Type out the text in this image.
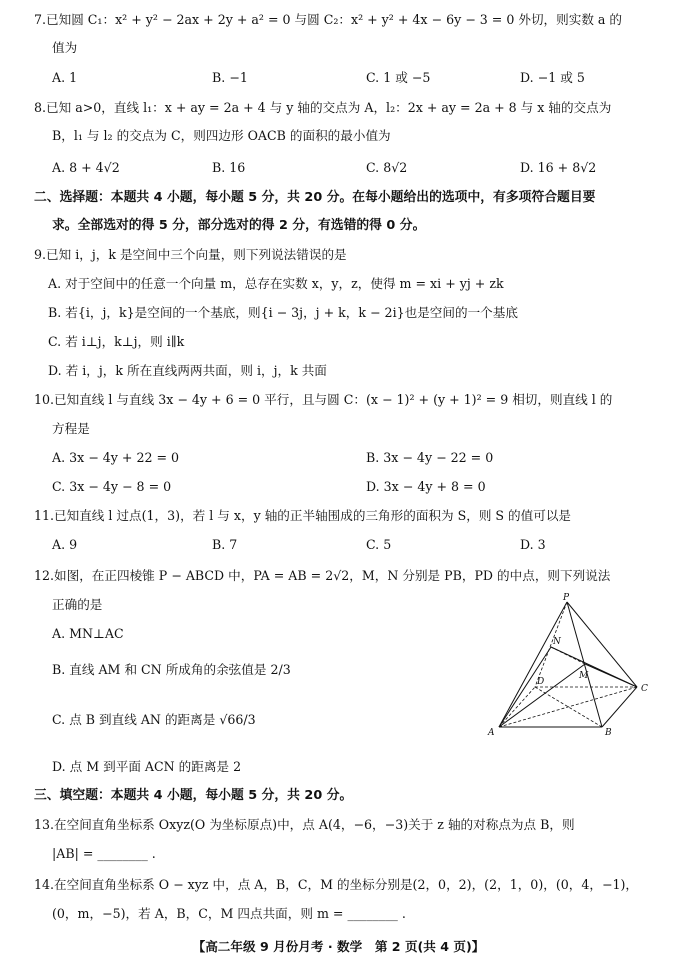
7.已知圆 C₁：x² + y² − 2ax + 2y + a² = 0 与圆 C₂：x² + y² + 4x − 6y − 3 = 0 外切，则实数 a 的
值为
A. 1	B. −1	C. 1 或 −5	D. −1 或 5
8.已知 a>0，直线 l₁：x + ay = 2a + 4 与 y 轴的交点为 A，l₂：2x + ay = 2a + 8 与 x 轴的交点为
B，l₁ 与 l₂ 的交点为 C，则四边形 OACB 的面积的最小值为
A. 8 + 4√2	B. 16	C. 8√2	D. 16 + 8√2
二、选择题：本题共 4 小题，每小题 5 分，共 20 分。在每小题给出的选项中，有多项符合题目要
求。全部选对的得 5 分，部分选对的得 2 分，有选错的得 0 分。
9.已知 i，j，k 是空间中三个向量，则下列说法错误的是
A. 对于空间中的任意一个向量 m，总存在实数 x，y，z，使得 m = xi + yj + zk
B. 若{i，j，k}是空间的一个基底，则{i − 3j，j + k，k − 2i}也是空间的一个基底
C. 若 i⊥j，k⊥j，则 i∥k
D. 若 i，j，k 所在直线两两共面，则 i，j，k 共面
10.已知直线 l 与直线 3x − 4y + 6 = 0 平行，且与圆 C：(x − 1)² + (y + 1)² = 9 相切，则直线 l 的
方程是
A. 3x − 4y + 22 = 0	B. 3x − 4y − 22 = 0
C. 3x − 4y − 8 = 0	D. 3x − 4y + 8 = 0
11.已知直线 l 过点(1，3)，若 l 与 x，y 轴的正半轴围成的三角形的面积为 S，则 S 的值可以是
A. 9	B. 7	C. 5	D. 3
12.如图，在正四棱锥 P − ABCD 中，PA = AB = 2√2，M，N 分别是 PB，PD 的中点，则下列说法
正确的是
A. MN⊥AC
B. 直线 AM 和 CN 所成角的余弦值是 2/3
C. 点 B 到直线 AN 的距离是 √66/3
D. 点 M 到平面 ACN 的距离是 2
P
N
D
M
C
A	B
三、填空题：本题共 4 小题，每小题 5 分，共 20 分。
13.在空间直角坐标系 Oxyz(O 为坐标原点)中，点 A(4，−6，−3)关于 z 轴的对称点为点 B，则
|AB| = ________ .
14.在空间直角坐标系 O − xyz 中，点 A，B，C，M 的坐标分别是(2，0，2)，(2，1，0)，(0，4，−1)，
(0，m，−5)，若 A，B，C，M 四点共面，则 m = ________ .
【高二年级 9 月份月考 · 数学　第 2 页(共 4 页)】
